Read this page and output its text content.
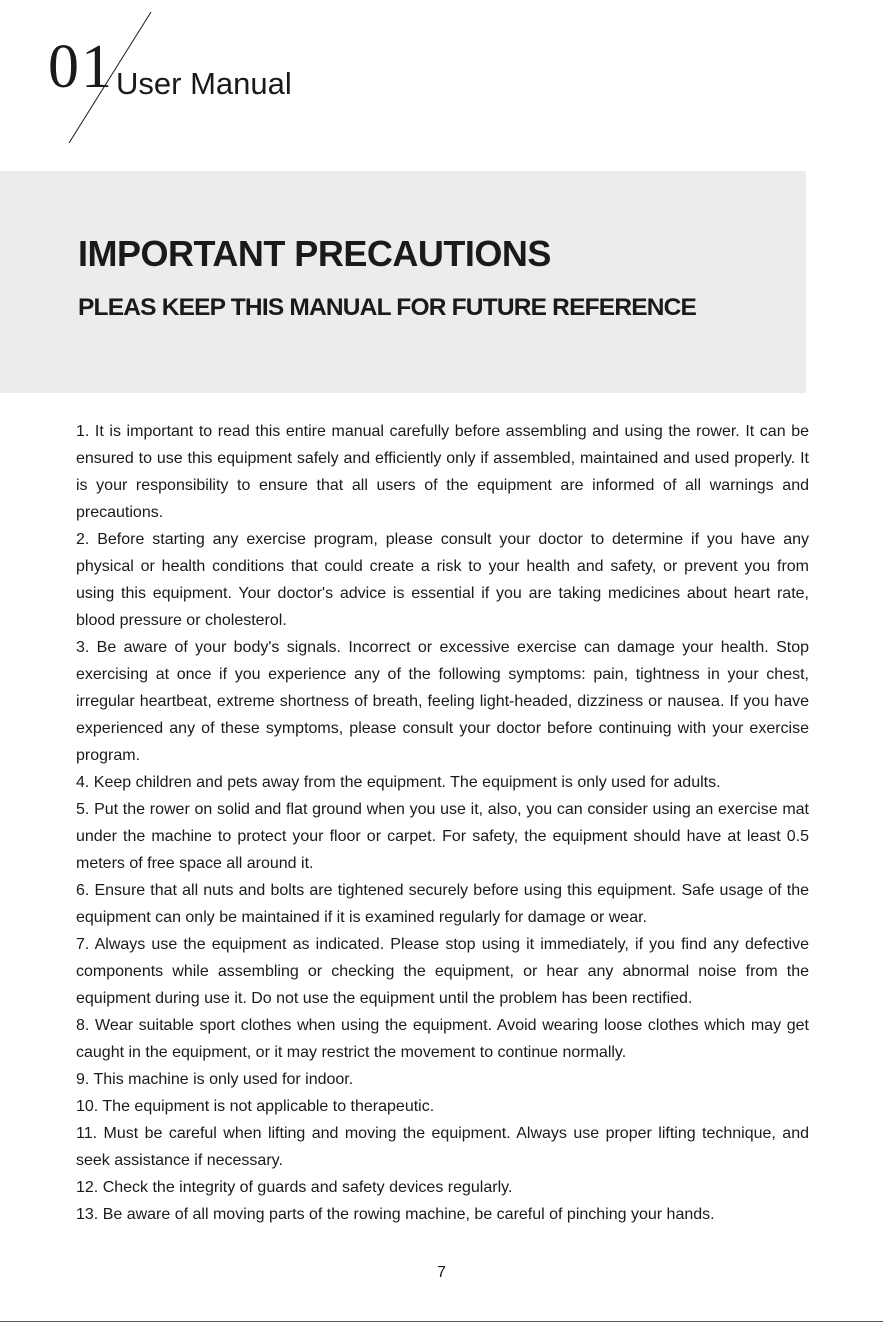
01 User Manual
IMPORTANT PRECAUTIONS
PLEAS KEEP THIS MANUAL FOR FUTURE REFERENCE

1. It is important to read this entire manual carefully before assembling and using the rower. It can be ensured to use this equipment safely and efficiently only if assembled, maintained and used properly. It is your responsibility to ensure that all users of the equipment are informed of all warnings and precautions.

2. Before starting any exercise program, please consult your doctor to determine if you have any physical or health conditions that could create a risk to your health and safety, or prevent you from using this equipment. Your doctor's advice is essential if you are taking medicines about heart rate, blood pressure or cholesterol.

3. Be aware of your body's signals. Incorrect or excessive exercise can damage your health. Stop exercising at once if you experience any of the following symptoms: pain, tightness in your chest, irregular heartbeat, extreme shortness of breath, feeling light-headed, dizziness or nausea. If you have experienced any of these symptoms, please consult your doctor before continuing with your exercise program.

4. Keep children and pets away from the equipment. The equipment is only used for adults.

5. Put the rower on solid and flat ground when you use it, also, you can consider using an exercise mat under the machine to protect your floor or carpet. For safety, the equipment should have at least 0.5 meters of free space all around it.

6. Ensure that all nuts and bolts are tightened securely before using this equipment. Safe usage of the equipment can only be maintained if it is examined regularly for damage or wear.

7. Always use the equipment as indicated. Please stop using it immediately, if you find any defective components while assembling or checking the equipment, or hear any abnormal noise from the equipment during use it. Do not use the equipment until the problem has been rectified.

8. Wear suitable sport clothes when using the equipment. Avoid wearing loose clothes which may get caught in the equipment, or it may restrict the movement to continue normally.

9. This machine is only used for indoor.

10. The equipment is not applicable to therapeutic.

11. Must be careful when lifting and moving the equipment. Always use proper lifting technique, and seek assistance if necessary.

12. Check the integrity of guards and safety devices regularly.

13. Be aware of all moving parts of the rowing machine, be careful of pinching your hands.

7
